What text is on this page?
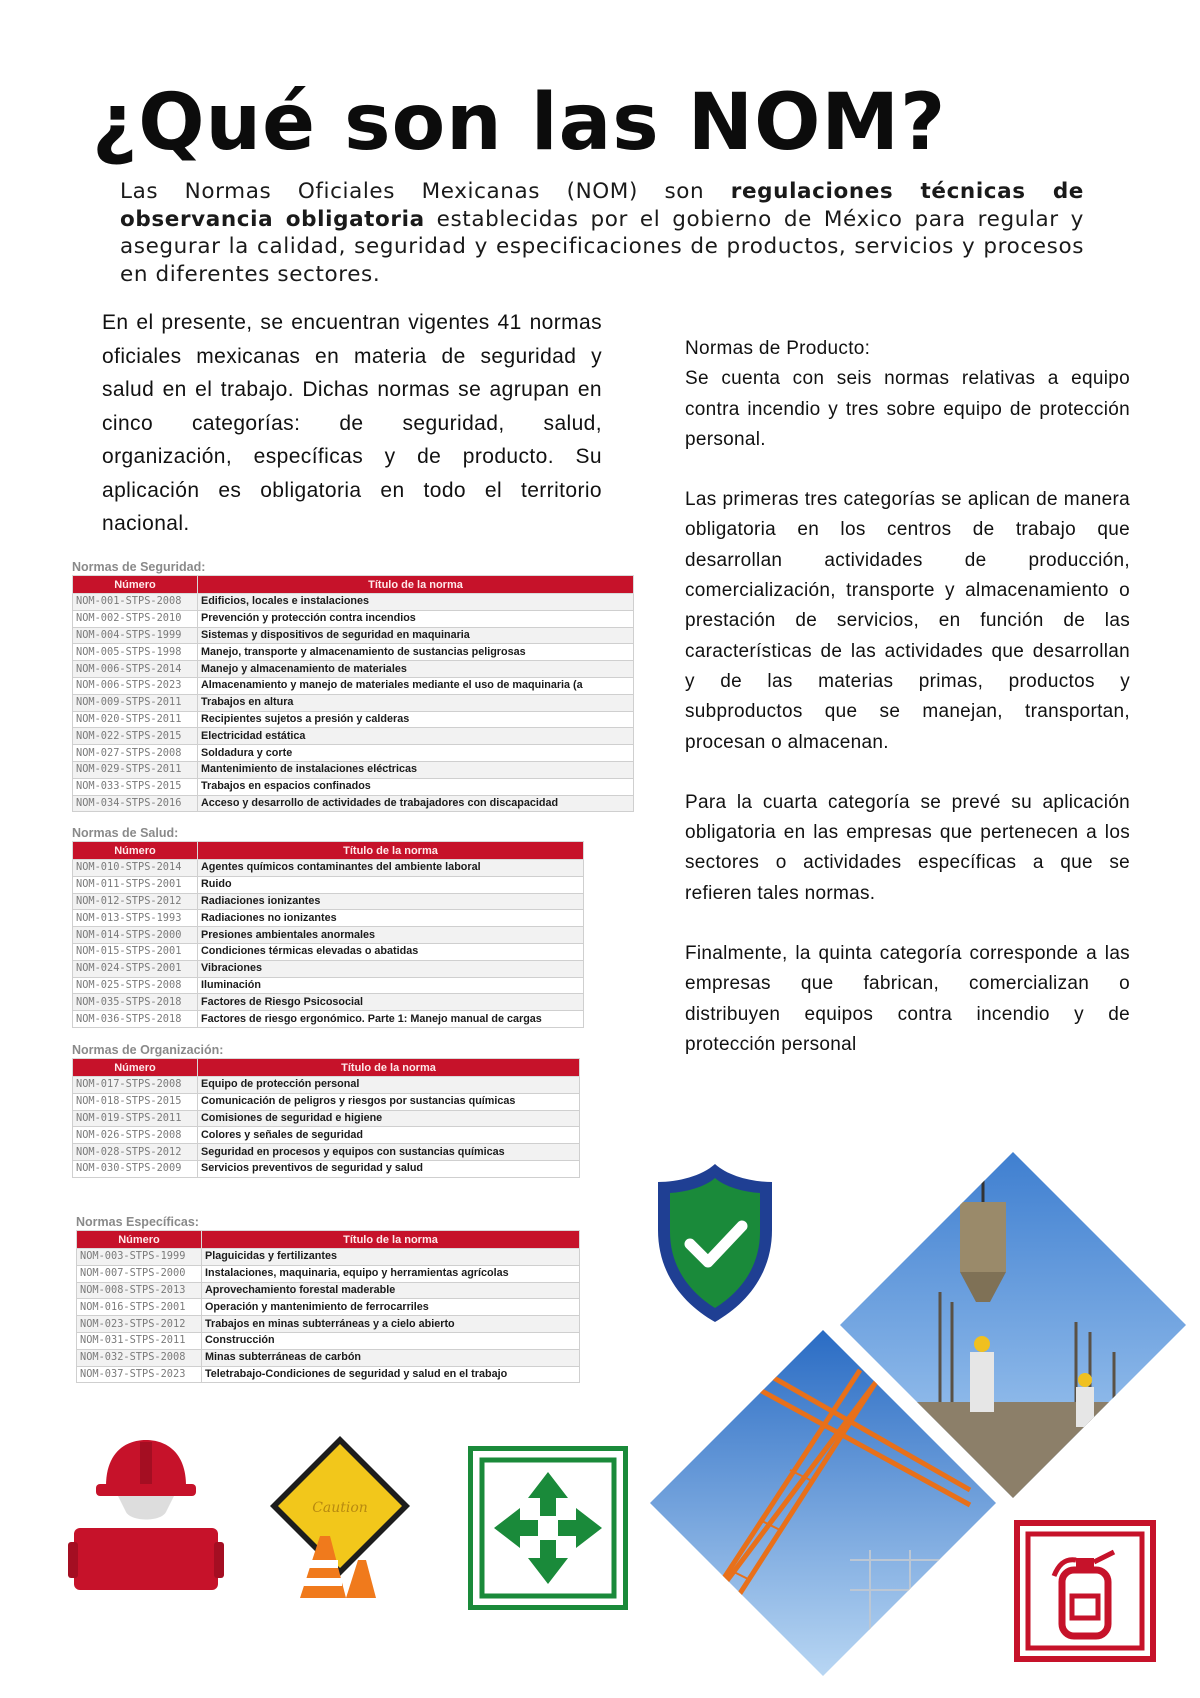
¿Qué son las NOM?
Las Normas Oficiales Mexicanas (NOM) son regulaciones técnicas de observancia obligatoria establecidas por el gobierno de México para regular y asegurar la calidad, seguridad y especificaciones de productos, servicios y procesos en diferentes sectores.
En el presente, se encuentran vigentes 41 normas oficiales mexicanas en materia de seguridad y salud en el trabajo. Dichas normas se agrupan en cinco categorías: de seguridad, salud, organización, específicas y de producto. Su aplicación es obligatoria en todo el territorio nacional.

Normas de Producto:

Se cuenta con seis normas relativas a equipo contra incendio y tres sobre equipo de protección personal.

Las primeras tres categorías se aplican de manera obligatoria en los centros de trabajo que desarrollan actividades de producción, comercialización, transporte y almacenamiento o prestación de servicios, en función de las características de las actividades que desarrollan y de las materias primas, productos y subproductos que se manejan, transportan, procesan o almacenan.

Para la cuarta categoría se prevé su aplicación obligatoria en las empresas que pertenecen a los sectores o actividades específicas a que se refieren tales normas.

Finalmente, la quinta categoría corresponde a las empresas que fabrican, comercializan o distribuyen equipos contra incendio y de protección personal

Normas de Seguridad:
Número	Título de la norma
NOM-001-STPS-2008	Edificios, locales e instalaciones
NOM-002-STPS-2010	Prevención y protección contra incendios
NOM-004-STPS-1999	Sistemas y dispositivos de seguridad en maquinaria
NOM-005-STPS-1998	Manejo, transporte y almacenamiento de sustancias peligrosas
NOM-006-STPS-2014	Manejo y almacenamiento de materiales
NOM-006-STPS-2023	Almacenamiento y manejo de materiales mediante el uso de maquinaria (a
NOM-009-STPS-2011	Trabajos en altura
NOM-020-STPS-2011	Recipientes sujetos a presión y calderas
NOM-022-STPS-2015	Electricidad estática
NOM-027-STPS-2008	Soldadura y corte
NOM-029-STPS-2011	Mantenimiento de instalaciones eléctricas
NOM-033-STPS-2015	Trabajos en espacios confinados
NOM-034-STPS-2016	Acceso y desarrollo de actividades de trabajadores con discapacidad
Normas de Salud:
Número	Título de la norma
NOM-010-STPS-2014	Agentes químicos contaminantes del ambiente laboral
NOM-011-STPS-2001	Ruido
NOM-012-STPS-2012	Radiaciones ionizantes
NOM-013-STPS-1993	Radiaciones no ionizantes
NOM-014-STPS-2000	Presiones ambientales anormales
NOM-015-STPS-2001	Condiciones térmicas elevadas o abatidas
NOM-024-STPS-2001	Vibraciones
NOM-025-STPS-2008	Iluminación
NOM-035-STPS-2018	Factores de Riesgo Psicosocial
NOM-036-STPS-2018	Factores de riesgo ergonómico. Parte 1: Manejo manual de cargas
Normas de Organización:
Número	Título de la norma
NOM-017-STPS-2008	Equipo de protección personal
NOM-018-STPS-2015	Comunicación de peligros y riesgos por sustancias químicas
NOM-019-STPS-2011	Comisiones de seguridad e higiene
NOM-026-STPS-2008	Colores y señales de seguridad
NOM-028-STPS-2012	Seguridad en procesos y equipos con sustancias químicas
NOM-030-STPS-2009	Servicios preventivos de seguridad y salud
Normas Específicas:
Número	Título de la norma
NOM-003-STPS-1999	Plaguicidas y fertilizantes
NOM-007-STPS-2000	Instalaciones, maquinaria, equipo y herramientas agrícolas
NOM-008-STPS-2013	Aprovechamiento forestal maderable
NOM-016-STPS-2001	Operación y mantenimiento de ferrocarriles
NOM-023-STPS-2012	Trabajos en minas subterráneas y a cielo abierto
NOM-031-STPS-2011	Construcción
NOM-032-STPS-2008	Minas subterráneas de carbón
NOM-037-STPS-2023	Teletrabajo-Condiciones de seguridad y salud en el trabajo
Caution
